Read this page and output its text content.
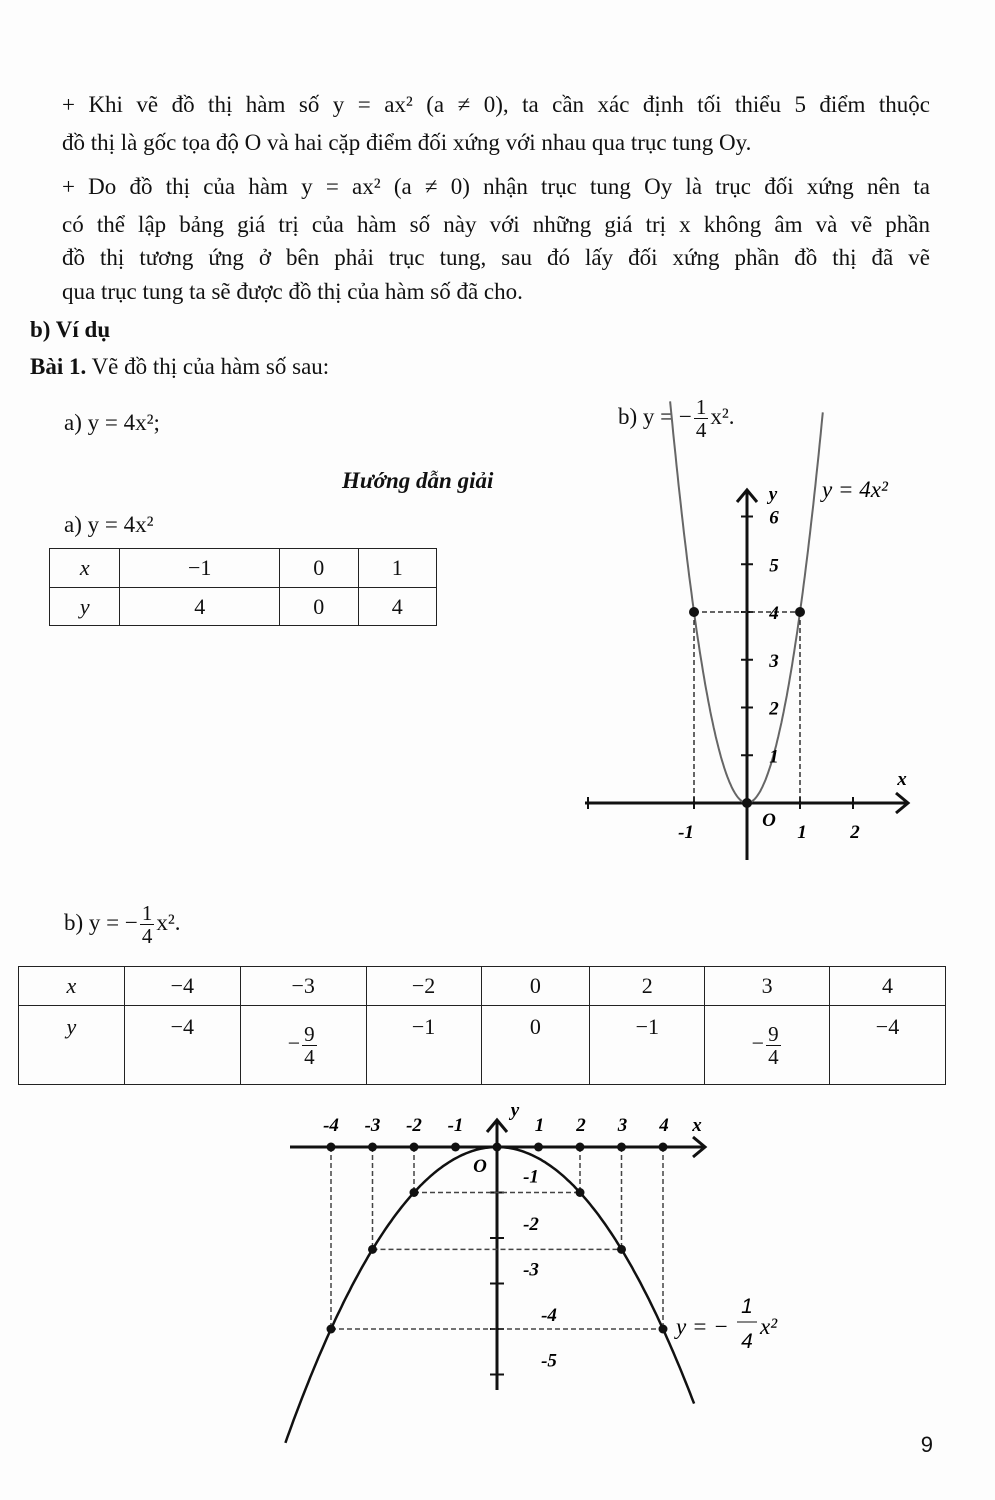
+ Khi vẽ đồ thị hàm số y = ax² (a ≠ 0), ta cần xác định tối thiểu 5 điểm thuộc
đồ thị là gốc tọa độ O và hai cặp điểm đối xứng với nhau qua trục tung Oy.
+ Do đồ thị của hàm y = ax² (a ≠ 0) nhận trục tung Oy là trục đối xứng nên ta
có thể lập bảng giá trị của hàm số này với những giá trị x không âm và vẽ phần
đồ thị tương ứng ở bên phải trục tung, sau đó lấy đối xứng phần đồ thị đã vẽ
qua trục tung ta sẽ được đồ thị của hàm số đã cho.
b) Ví dụ
Bài 1. Vẽ đồ thị của hàm số sau:
a) y = 4x²;	b) y = − $\frac{1}{4} x^2$.
Hướng dẫn giải
a) y = 4x²
x	−1	0	1
y	4	0	4
-1	1 2
1
2
3
4
5
6
O
x
y y = 4x²
-4 -3 -2 -1	1 2 3 4
-1
-2
-3
-4
-5
O
x
y
y = −
1
4
x²
b) y = − $\frac{1}{4} x^2$.
x	−4	−3	−2	0	2	3	4
y	−4	− $\frac{9}{4}$	−1	0	−1	− $\frac{9}{4}$	−4
9
